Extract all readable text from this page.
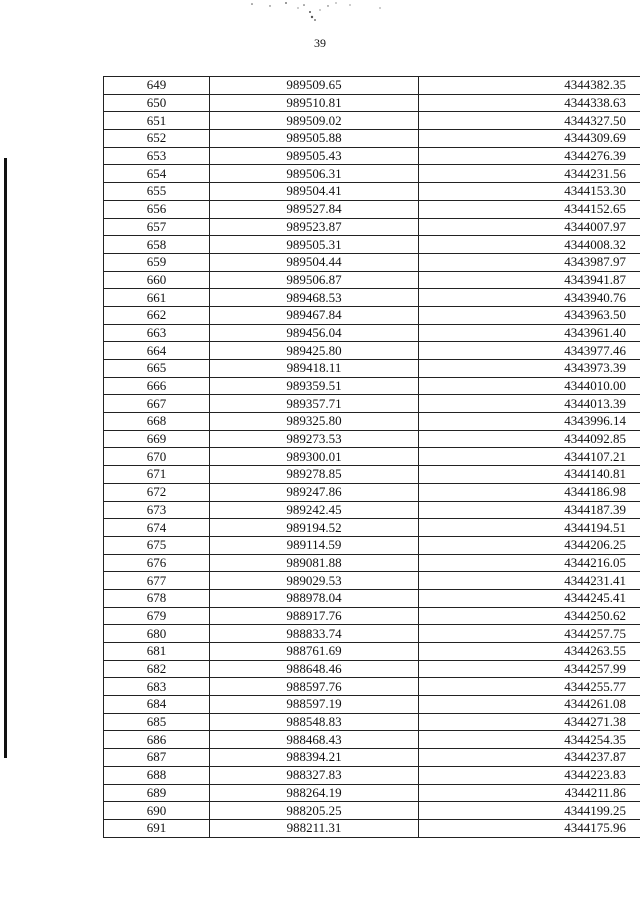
39
649	989509.65	4344382.35
650	989510.81	4344338.63
651	989509.02	4344327.50
652	989505.88	4344309.69
653	989505.43	4344276.39
654	989506.31	4344231.56
655	989504.41	4344153.30
656	989527.84	4344152.65
657	989523.87	4344007.97
658	989505.31	4344008.32
659	989504.44	4343987.97
660	989506.87	4343941.87
661	989468.53	4343940.76
662	989467.84	4343963.50
663	989456.04	4343961.40
664	989425.80	4343977.46
665	989418.11	4343973.39
666	989359.51	4344010.00
667	989357.71	4344013.39
668	989325.80	4343996.14
669	989273.53	4344092.85
670	989300.01	4344107.21
671	989278.85	4344140.81
672	989247.86	4344186.98
673	989242.45	4344187.39
674	989194.52	4344194.51
675	989114.59	4344206.25
676	989081.88	4344216.05
677	989029.53	4344231.41
678	988978.04	4344245.41
679	988917.76	4344250.62
680	988833.74	4344257.75
681	988761.69	4344263.55
682	988648.46	4344257.99
683	988597.76	4344255.77
684	988597.19	4344261.08
685	988548.83	4344271.38
686	988468.43	4344254.35
687	988394.21	4344237.87
688	988327.83	4344223.83
689	988264.19	4344211.86
690	988205.25	4344199.25
691	988211.31	4344175.96
